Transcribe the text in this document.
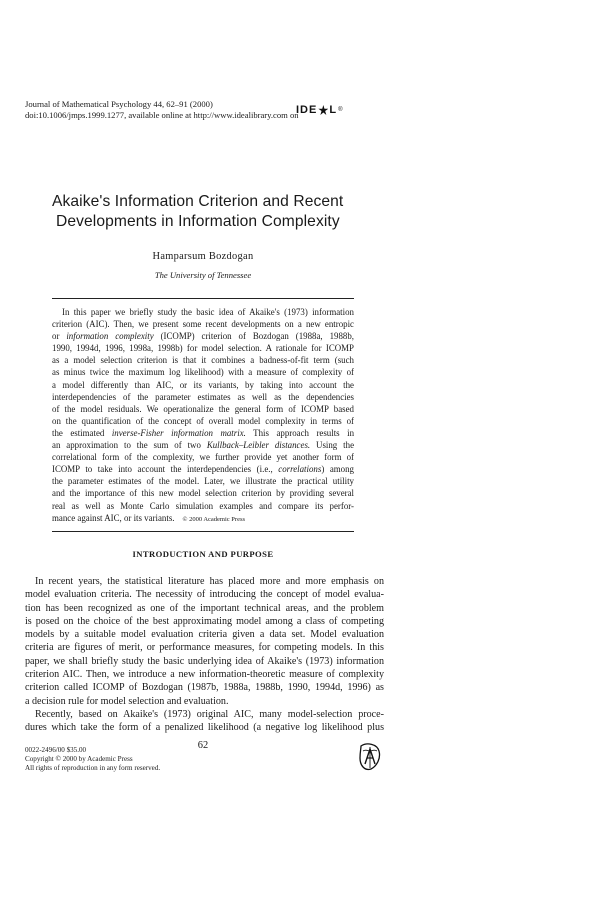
Journal of Mathematical Psychology 44, 62–91 (2000)
doi:10.1006/jmps.1999.1277, available online at http://www.idealibrary.com on
IDE L ®
Akaike's Information Criterion and Recent
Developments in Information Complexity
Hamparsum Bozdogan
The University of Tennessee
In this paper we briefly study the basic idea of Akaike's (1973) information
criterion (AIC). Then, we present some recent developments on a new entropic
or information complexity (ICOMP) criterion of Bozdogan (1988a, 1988b,
1990, 1994d, 1996, 1998a, 1998b) for model selection. A rationale for ICOMP
as a model selection criterion is that it combines a badness-of-fit term (such
as minus twice the maximum log likelihood) with a measure of complexity of
a model differently than AIC, or its variants, by taking into account the
interdependencies of the parameter estimates as well as the dependencies
of the model residuals. We operationalize the general form of ICOMP based
on the quantification of the concept of overall model complexity in terms of
the estimated inverse-Fisher information matrix. This approach results in
an approximation to the sum of two Kullback–Leibler distances. Using the
correlational form of the complexity, we further provide yet another form of
ICOMP to take into account the interdependencies (i.e., correlations) among
the parameter estimates of the model. Later, we illustrate the practical utility
and the importance of this new model selection criterion by providing several
real as well as Monte Carlo simulation examples and compare its perfor-
mance against AIC, or its variants. © 2000 Academic Press
INTRODUCTION AND PURPOSE
In recent years, the statistical literature has placed more and more emphasis on
model evaluation criteria. The necessity of introducing the concept of model evalua-
tion has been recognized as one of the important technical areas, and the problem
is posed on the choice of the best approximating model among a class of competing
models by a suitable model evaluation criteria given a data set. Model evaluation
criteria are figures of merit, or performance measures, for competing models. In this
paper, we shall briefly study the basic underlying idea of Akaike's (1973) information
criterion AIC. Then, we introduce a new information-theoretic measure of complexity
criterion called ICOMP of Bozdogan (1987b, 1988a, 1988b, 1990, 1994d, 1996) as
a decision rule for model selection and evaluation.
Recently, based on Akaike's (1973) original AIC, many model-selection proce-
dures which take the form of a penalized likelihood (a negative log likelihood plus
62
0022-2496/00 $35.00
Copyright © 2000 by Academic Press
All rights of reproduction in any form reserved.
